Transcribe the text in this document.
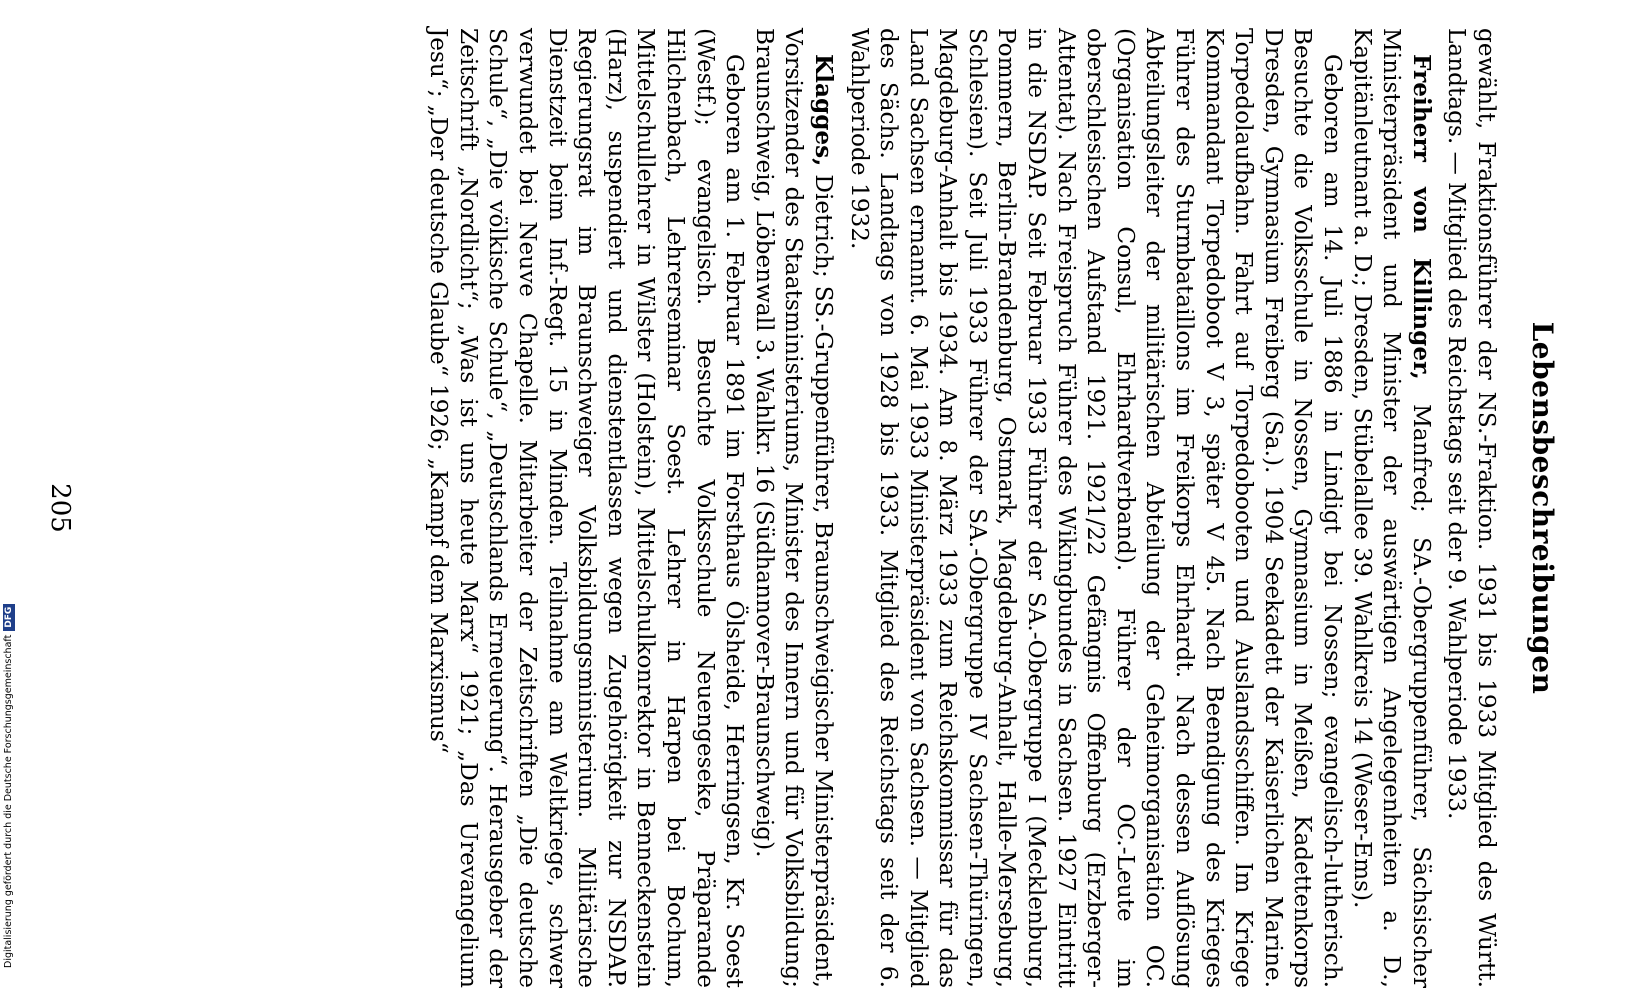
Lebensbeschreibungen

gewählt, Fraktionsführer der NS.-Fraktion. 1931 bis 1933 Mitglied des Württ. Landtags. — Mitglied des Reichstags seit der 9. Wahlperiode 1933.

Freiherr von Killinger, Manfred; SA.-Obergruppenführer, Sächsischer Ministerpräsident und Minister der auswärtigen Angelegenheiten a. D., Kapitänleutnant a. D.; Dresden, Stübelallee 39. Wahlkreis 14 (Weser-Ems).

Geboren am 14. Juli 1886 in Lindigt bei Nossen; evangelisch-lutherisch. Besuchte die Volksschule in Nossen, Gymnasium in Meißen, Kadettenkorps Dresden, Gymnasium Freiberg (Sa.). 1904 Seekadett der Kaiserlichen Marine. Torpedolaufbahn. Fahrt auf Torpedobooten und Auslandsschiffen. Im Kriege Kommandant Torpedoboot V 3, später V 45. Nach Beendigung des Krieges Führer des Sturmbataillons im Freikorps Ehrhardt. Nach dessen Auflösung Abteilungsleiter der militärischen Abteilung der Geheimorganisation OC. (Organisation Consul, Ehrhardtverband). Führer der OC.-Leute im oberschlesischen Aufstand 1921. 1921/22 Gefängnis Offenburg (Erzberger-Attentat). Nach Freispruch Führer des Wikingbundes in Sachsen. 1927 Eintritt in die NSDAP. Seit Februar 1933 Führer der SA.-Obergruppe I (Mecklenburg, Pommern, Berlin-Brandenburg, Ostmark, Magdeburg-Anhalt, Halle-Merseburg, Schlesien). Seit Juli 1933 Führer der SA.-Obergruppe IV Sachsen-Thüringen, Magdeburg-Anhalt bis 1934. Am 8. März 1933 zum Reichskommissar für das Land Sachsen ernannt. 6. Mai 1933 Ministerpräsident von Sachsen. — Mitglied des Sächs. Landtags von 1928 bis 1933. Mitglied des Reichstags seit der 6. Wahlperiode 1932.

Klagges, Dietrich; SS.-Gruppenführer, Braunschweigischer Ministerpräsident, Vorsitzender des Staatsministeriums, Minister des Innern und für Volksbildung; Braunschweig, Löbenwall 3. Wahlkr. 16 (Südhannover-Braunschweig).

Geboren am 1. Februar 1891 im Forsthaus Ölsheide, Herringsen, Kr. Soest (Westf.); evangelisch. Besuchte Volksschule Neuengeseke, Präparande Hilchenbach, Lehrerseminar Soest. Lehrer in Harpen bei Bochum, Mittelschullehrer in Wilster (Holstein), Mittelschulkonrektor in Benneckenstein (Harz), suspendiert und dienstentlassen wegen Zugehörigkeit zur NSDAP. Regierungsrat im Braunschweiger Volksbildungsministerium. Militärische Dienstzeit beim Inf.-Regt. 15 in Minden. Teilnahme am Weltkriege, schwer verwundet bei Neuve Chapelle. Mitarbeiter der Zeitschriften „Die deutsche Schule“, „Die völkische Schule“, „Deutschlands Erneuerung“. Herausgeber der Zeitschrift „Nordlicht“; „Was ist uns heute Marx“ 1921; „Das Urevangelium Jesu“; „Der deutsche Glaube“ 1926; „Kampf dem Marxismus“

205
Digitalisierung gefördert durch die Deutsche ForschungsgemeinschaftDFG
